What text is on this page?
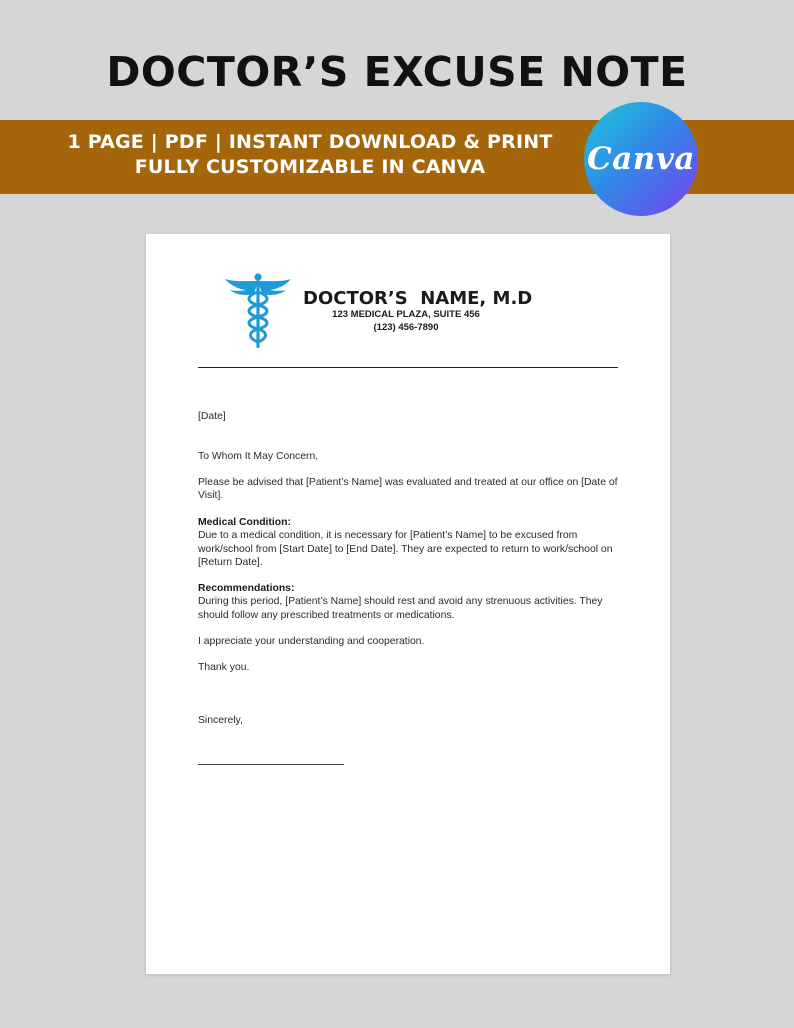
DOCTOR’S EXCUSE NOTE
1 PAGE | PDF | INSTANT DOWNLOAD & PRINT
FULLY CUSTOMIZABLE IN CANVA	Canva
DOCTOR’S  NAME, M.D
123 MEDICAL PLAZA, SUITE 456
(123) 456-7890
[Date]
To Whom It May Concern,
Please be advised that [Patient’s Name] was evaluated and treated at our office on [Date of Visit].
Medical Condition:
Due to a medical condition, it is necessary for [Patient’s Name] to be excused from work/school from [Start Date] to [End Date]. They are expected to return to work/school on [Return Date].
Recommendations:
During this period, [Patient’s Name] should rest and avoid any strenuous activities. They should follow any prescribed treatments or medications.
I appreciate your understanding and cooperation.
Thank you.
Sincerely,
